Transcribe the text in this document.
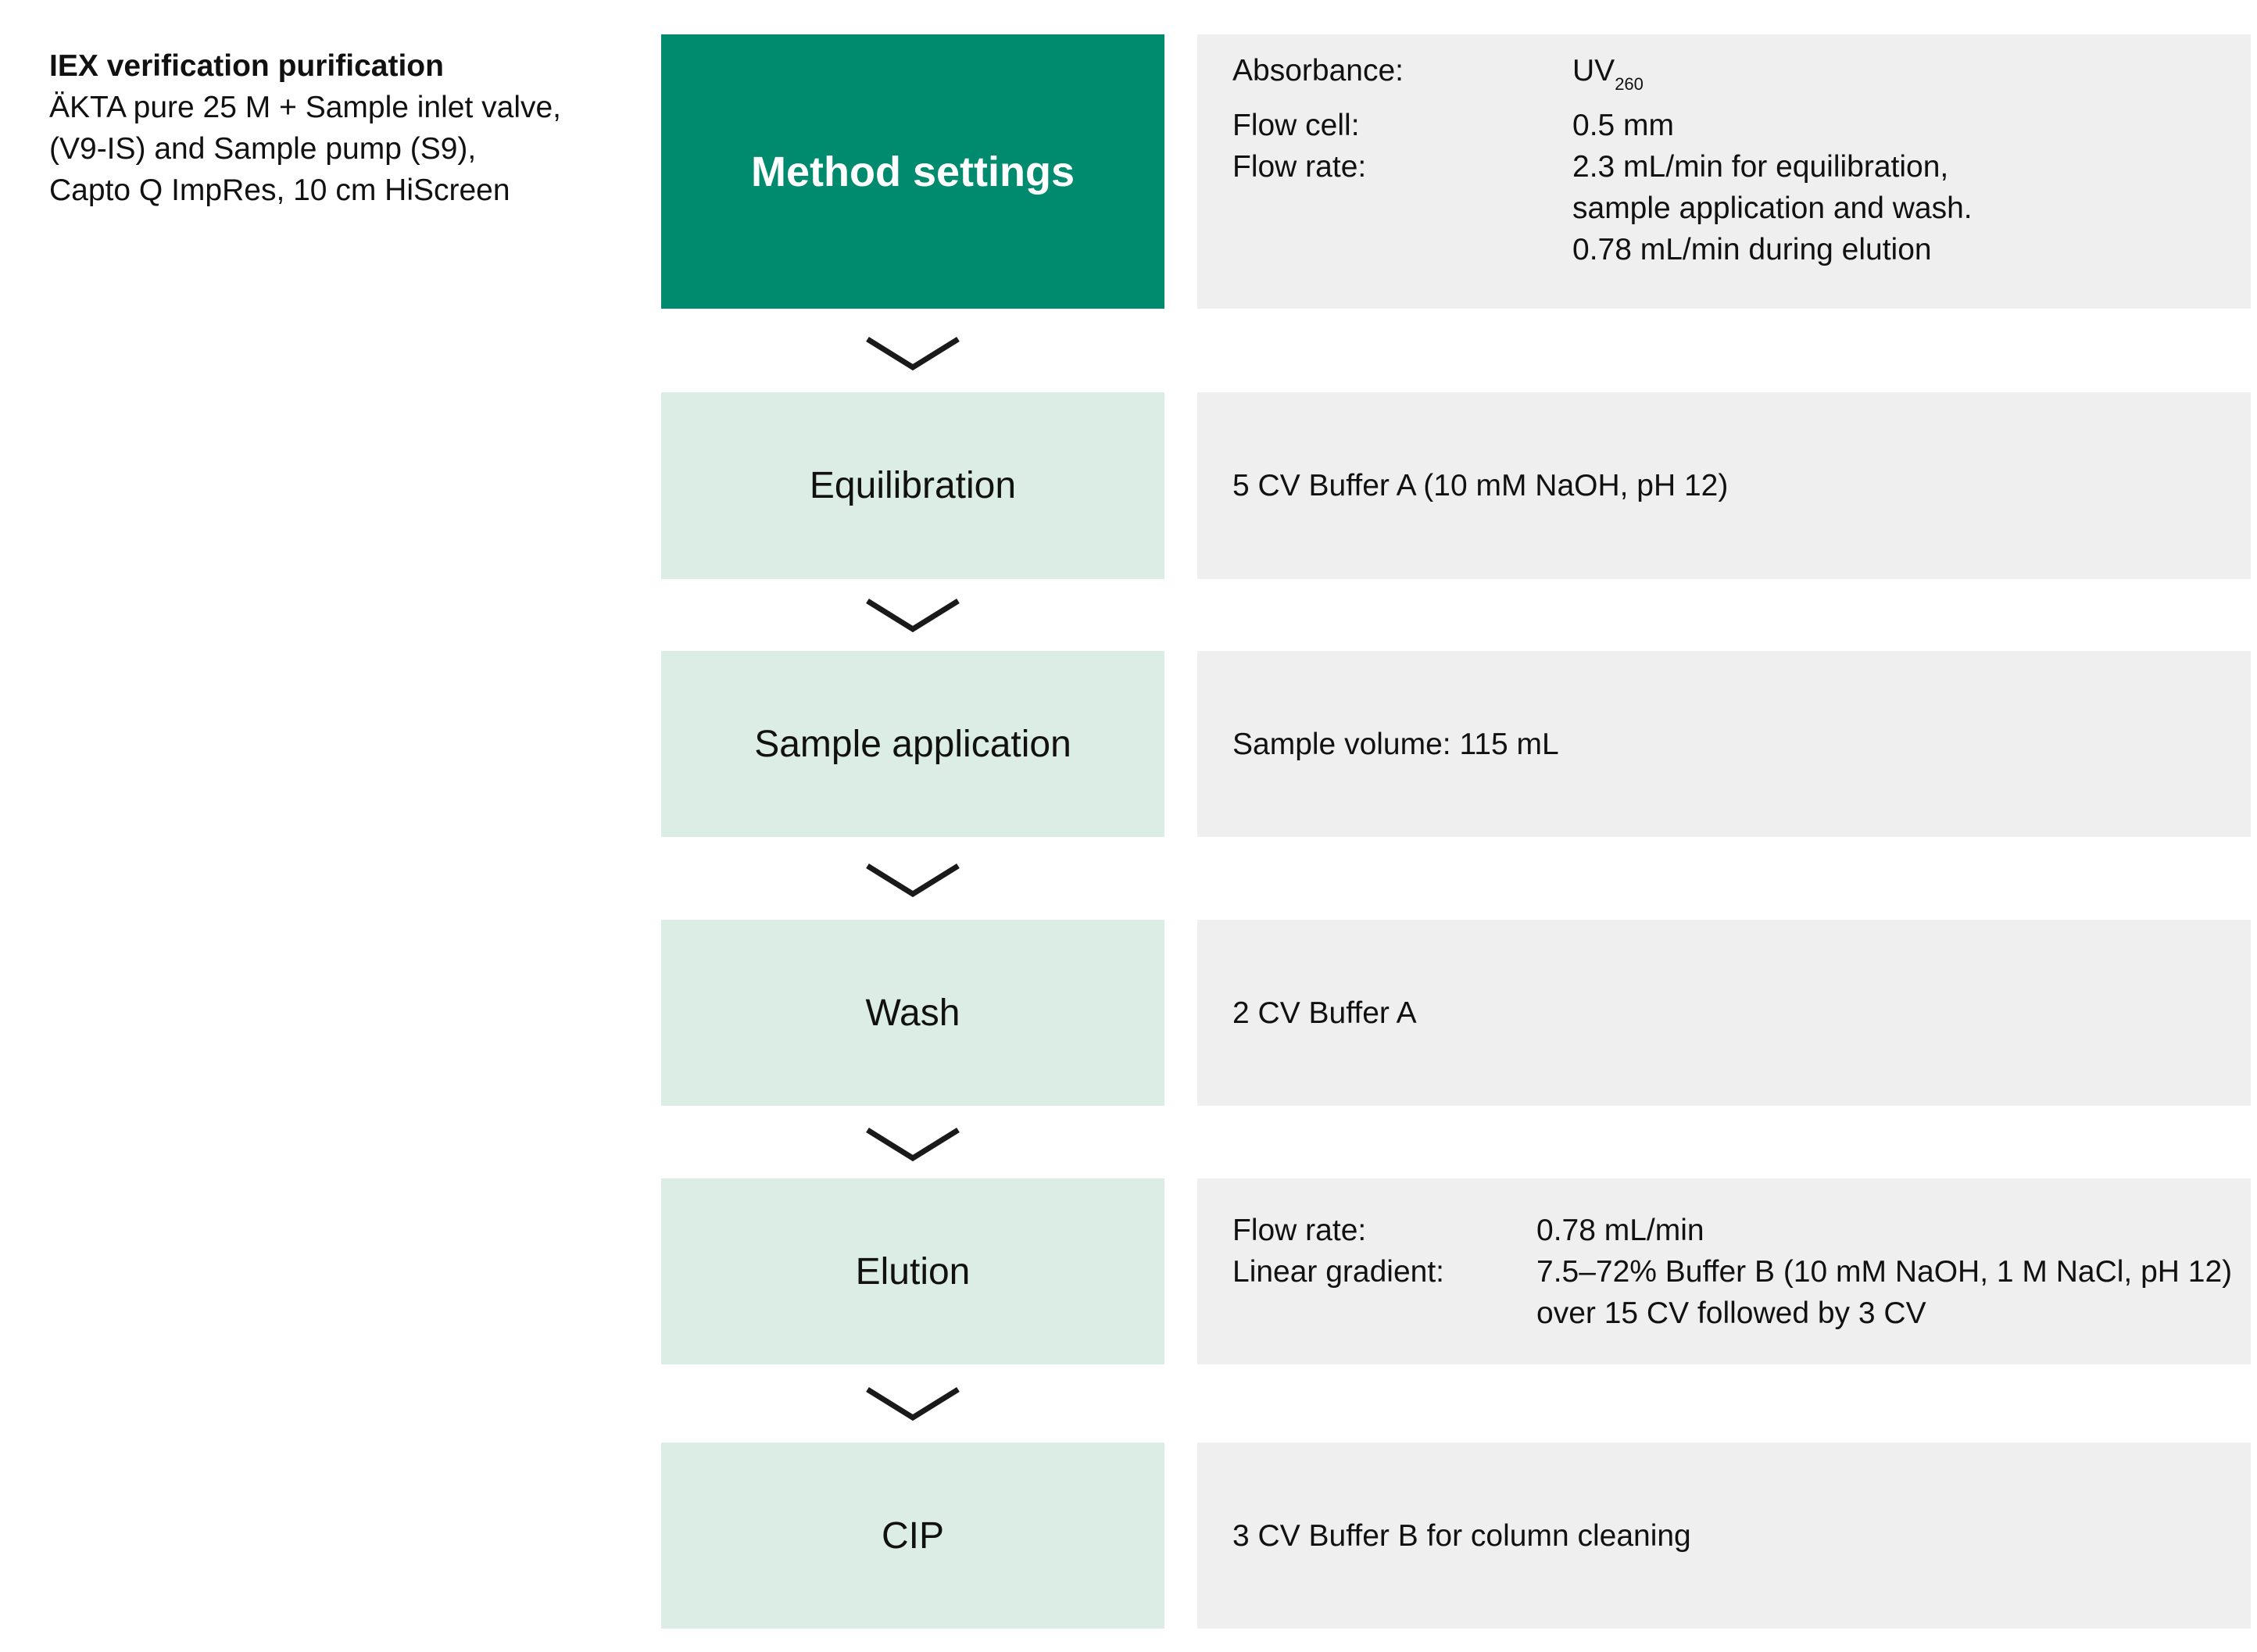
IEX verification purification
ÄKTA pure 25 M + Sample inlet valve,
(V9-IS) and Sample pump (S9),
Capto Q ImpRes, 10 cm HiScreen	Method settings
Absorbance:	$UV_{260}$
Flow cell:	0.5 mm
Flow rate:	2.3 mL/min for equilibration,
sample application and wash.
0.78 mL/min during elution
Equilibration	5 CV Buffer A (10 mM NaOH, pH 12)
Sample application	Sample volume: 115 mL
Wash	2 CV Buffer A
Elution
Flow rate:	0.78 mL/min
Linear gradient:	7.5–72% Buffer B (10 mM NaOH, 1 M NaCl, pH 12)
over 15 CV followed by 3 CV
CIP	3 CV Buffer B for column cleaning
